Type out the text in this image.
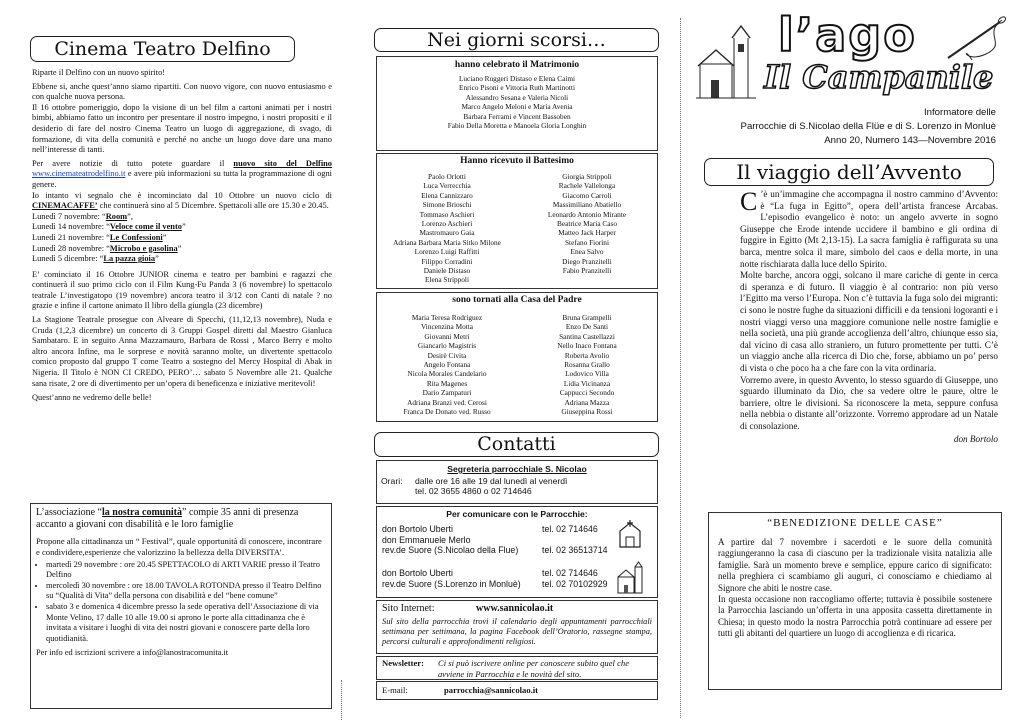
Cinema Teatro Delfino

Riparte il Delfino con un nuovo spirito!

Ebbene si, anche quest’anno siamo ripartiti. Con nuovo vigore, con nuovo entusiasmo e con qualche nuova persona.

Il 16 ottobre pomeriggio, dopo la visione di un bel film a cartoni animati per i nostri bimbi, abbiamo fatto un incontro per presentare il nostro impegno, i nostri propositi e il desiderio di fare del nostro Cinema Teatro un luogo di aggregazione, di svago, di formazione, di vita della comunità e perché no anche un luogo dove dare una mano nell’interesse di tanti.

Per avere notizie di tutto potete guardare il nuovo sito del Delfino www.cinemateatrodelfino.it e avere più informazioni su tutta la programmazione di ogni genere.

Io intanto vi segnalo che è incominciato dal 10 Ottobre un nuovo ciclo di CINEMACAFFE’ che continuerà sino al 5 Dicembre. Spettacoli alle ore 15.30 e 20.45.

Lunedì 7 novembre: “Room”,

Lunedì 14 novembre: “Veloce come il vento”

Lunedì 21 novembre: “Le Confessioni”

Lunedì 28 novembre: “Microbo e gasolina”

Lunedì 5 dicembre: “La pazza gioia”

E’ cominciato il 16 Ottobre JUNIOR cinema e teatro per bambini e ragazzi che continuerà il suo primo ciclo con il Film Kung-Fu Panda 3 (6 novembre) lo spettacolo teatrale L’investigatopo (19 novembre) ancora teatro il 3/12 con Canti di natale ? no grazie e infine il cartone animato Il libro della giungla (23 dicembre)

La Stagione Teatrale prosegue con Alveare di Specchi, (11,12,13 novembre), Nuda e Cruda (1,2,3 dicembre) un concerto di 3 Gruppi Gospel diretti dal Maestro Gianluca Sambataro. E in seguito Anna Mazzamauro, Barbara de Rossi , Marco Berry e molto altro ancora Infine, ma le sorprese e novità saranno molte, un divertente spettacolo comico proposto dal gruppo T come Teatro a sostegno del Mercy Hospital di Abak in Nigeria. Il Titolo è NON CI CREDO, PERO’… sabato 5 Novembre alle 21. Qualche sana risate, 2 ore di divertimento per un’opera di beneficenza e iniziative meritevoli!

Quest’anno ne vedremo delle belle!

L’associazione “la nostra comunità” compie 35 anni di presenza accanto a giovani con disabilità e le loro famiglie

Propone alla cittadinanza un “ Festival”, quale opportunità di conoscere, incontrare e condividere,esperienze che valorizzino la bellezza della DIVERSITA’.

• martedì 29 novembre : ore 20.45 SPETTACOLO di ARTI VARIE presso il Teatro Delfino
• mercoledì 30 novembre : ore 18.00 TAVOLA ROTONDA presso il Teatro Delfino su “Qualità di Vita” della persona con disabilità e del “bene comune”
• sabato 3 e domenica 4 dicembre presso la sede operativa dell’Associazione di via Monte Velino, 17 dalle 10 alle 19.00 si aprono le porte alla cittadinanza che è invitata a visitare i luoghi di vita dei nostri giovani e conoscere parte della loro quotidianità.

Per info ed iscrizioni scrivere a info@lanostracomunita.it

Nei giorni scorsi…

hanno celebrato il Matrimonio

Luciano Ruggeri Distaso e Elena Caimi

Enrico Pisoni e Vittoria Ruth Martinotti

Alessandro Sesana e Valeria Nicoli

Marco Angelo Meloni e Maria Avenia

Barbara Ferrami e Vincent Bassoben

Fabio Della Moretta e Manoela Gloria Longhin

Hanno ricevuto il Battesimo

Paolo Orlotti

Luca Verrecchia

Elena Cannizzaro

Simone Brioschi

Tommaso Aschieri

Lorenzo Aschieri

Mastromauro Gaia

Adriana Barbara Maria Sitko Milone

Lorenzo Luigi Raffitti

Filippo Corradini

Daniele Distaso

Elena Strippoli

Giorgia Strippoli

Rachele Vallelonga

Giacomo Carroli

Massimiliano Abatiello

Leonardo Antonio Mirante

Beatrice Maria Caso

Matteo Jack Harper

Stefano Fiorini

Enea Salvo

Diego Pranzitelli

Fabio Pranzitelli

sono tornati alla Casa del Padre

Maria Teresa Rodriguez

Vincenzina Motta

Giovanni Metri

Giancarlo Magistris

Desirè Civita

Angelo Fontana

Nicola Morales Candelario

Rita Magenes

Dario Zampaturi

Adriana Branzi ved. Cerosi

Franca De Donato ved. Russo

Bruna Grampelli

Enzo De Santi

Santina Castellazzi

Nello Inaco Fontana

Roberta Avolio

Rosanna Grallo

Lodovico Villa

Lidia Vicinanza

Cappucci Secondo

Adriana Mazza

Giuseppina Rossi

Contatti

Segreteria parrocchiale S. Nicolao

Orari:	dalle ore 16 alle 19 dal lunedì al venerdì

tel. 02 3655 4860 o 02 714646

Per comunicare con le Parrocchie:

don Bortolo Uberti	tel. 02 714646
don Emmanuele Merlo
rev.de Suore (S.Nicolao della Flue)	tel. 02 36513714
don Bortolo Uberti	tel. 02 714646
rev.de Suore (S.Lorenzo in Monluè)	tel. 02 70102929
Sito Internet:	www.sannicolao.it

Sul sito della parrocchia trovi il calendario degli appuntamenti parrocchiali settimana per settimana, la pagina Facebook dell’Oratorio, rassegne stampa, percorsi culturali e approfondimenti religiosi.

Newsletter:	Ci si può iscrivere online per conoscere subito quel che avviene in Parrocchia e le novità del sito.
E-mail:	parrocchia@sannicolao.it
l’ago
Il Campanile

Informatore delle

Parrocchie di S.Nicolao della Flüe e di S. Lorenzo in Monluè

Anno 20, Numero 143—Novembre 2016

Il viaggio dell’Avvento

C ’è un’immagine che accompagna il nostro cammino d’Avvento: è “La fuga in Egitto”, opera dell’artista francese Arcabas. L’episodio evangelico è noto: un angelo avverte in sogno Giuseppe che Erode intende uccidere il bambino e gli ordina di fuggire in Egitto (Mt 2,13-15). La sacra famiglia è raffigurata su una barca, mentre solca il mare, simbolo del caos e della morte, in una notte rischiarata dalla luce dello Spirito.

Molte barche, ancora oggi, solcano il mare cariche di gente in cerca di speranza e di futuro. Il viaggio è al contrario: non più verso l’Egitto ma verso l’Europa. Non c’è tuttavia la fuga solo dei migranti: ci sono le nostre fughe da situazioni difficili e da tensioni logoranti e i nostri viaggi verso una maggiore comunione nelle nostre famiglie e nella società, una più grande accoglienza dell’altro, chiunque esso sia, dal vicino di casa allo straniero, un futuro promettente per tutti. C’è un viaggio anche alla ricerca di Dio che, forse, abbiamo un po’ perso di vista o che poco ha a che fare con la vita ordinaria.

Vorremo avere, in questo Avvento, lo stesso sguardo di Giuseppe, uno sguardo illuminato da Dio, che sa vedere oltre le paure, oltre le barriere, oltre le divisioni. Sa riconoscere la meta, seppure confusa nella nebbia o distante all’orizzonte. Vorremo approdare ad un Natale di consolazione.

don Bortolo

“BENEDIZIONE DELLE CASE”

A partire dal 7 novembre i sacerdoti e le suore della comunità raggiungeranno la casa di ciascuno per la tradizionale visita natalizia alle famiglie. Sarà un momento breve e semplice, eppure carico di significato: nella preghiera ci scambiamo gli auguri, ci conosciamo e chiediamo al Signore che abiti le nostre case.

In questa occasione non raccogliamo offerte; tuttavia è possibile sostenere la Parrocchia lasciando un’offerta in una apposita cassetta direttamente in Chiesa; in questo modo la nostra Parrocchia potrà continuare ad essere per tutti gli abitanti del quartiere un luogo di accoglienza e di ricarica.
